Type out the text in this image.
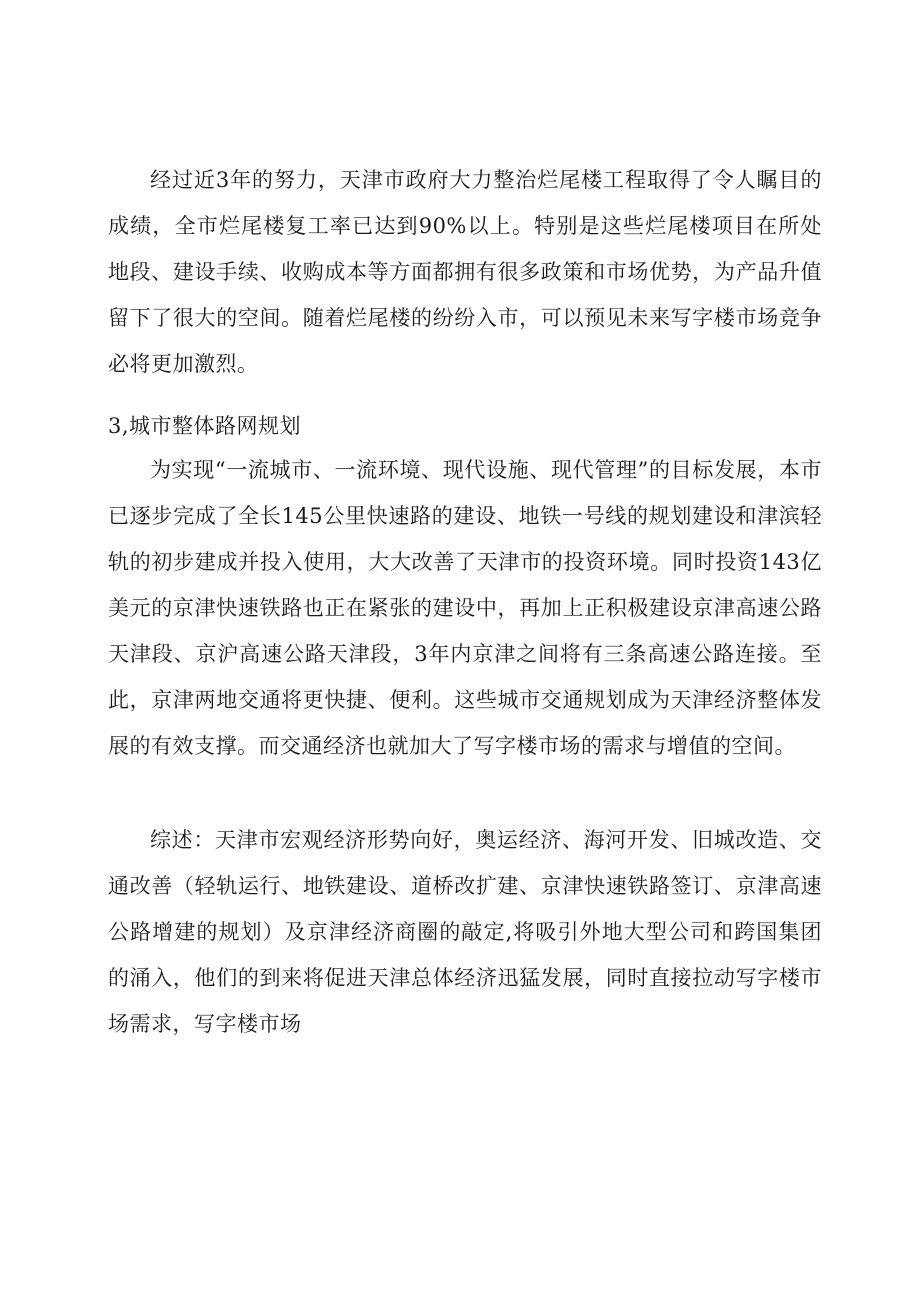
经过近3年的努力，天津市政府大力整治烂尾楼工程取得了令人瞩目的成绩，全市烂尾楼复工率已达到90%以上。特别是这些烂尾楼项目在所处地段、建设手续、收购成本等方面都拥有很多政策和市场优势，为产品升值留下了很大的空间。随着烂尾楼的纷纷入市，可以预见未来写字楼市场竞争必将更加激烈。

3,城市整体路网规划

为实现“一流城市、一流环境、现代设施、现代管理”的目标发展，本市已逐步完成了全长145公里快速路的建设、地铁一号线的规划建设和津滨轻轨的初步建成并投入使用，大大改善了天津市的投资环境。同时投资143亿美元的京津快速铁路也正在紧张的建设中，再加上正积极建设京津高速公路天津段、京沪高速公路天津段，3年内京津之间将有三条高速公路连接。至此，京津两地交通将更快捷、便利。这些城市交通规划成为天津经济整体发展的有效支撑。而交通经济也就加大了写字楼市场的需求与增值的空间。

综述：天津市宏观经济形势向好，奥运经济、海河开发、旧城改造、交通改善（轻轨运行、地铁建设、道桥改扩建、京津快速铁路签订、京津高速公路增建的规划）及京津经济商圈的敲定,将吸引外地大型公司和跨国集团的涌入，他们的到来将促进天津总体经济迅猛发展，同时直接拉动写字楼市场需求，写字楼市场
